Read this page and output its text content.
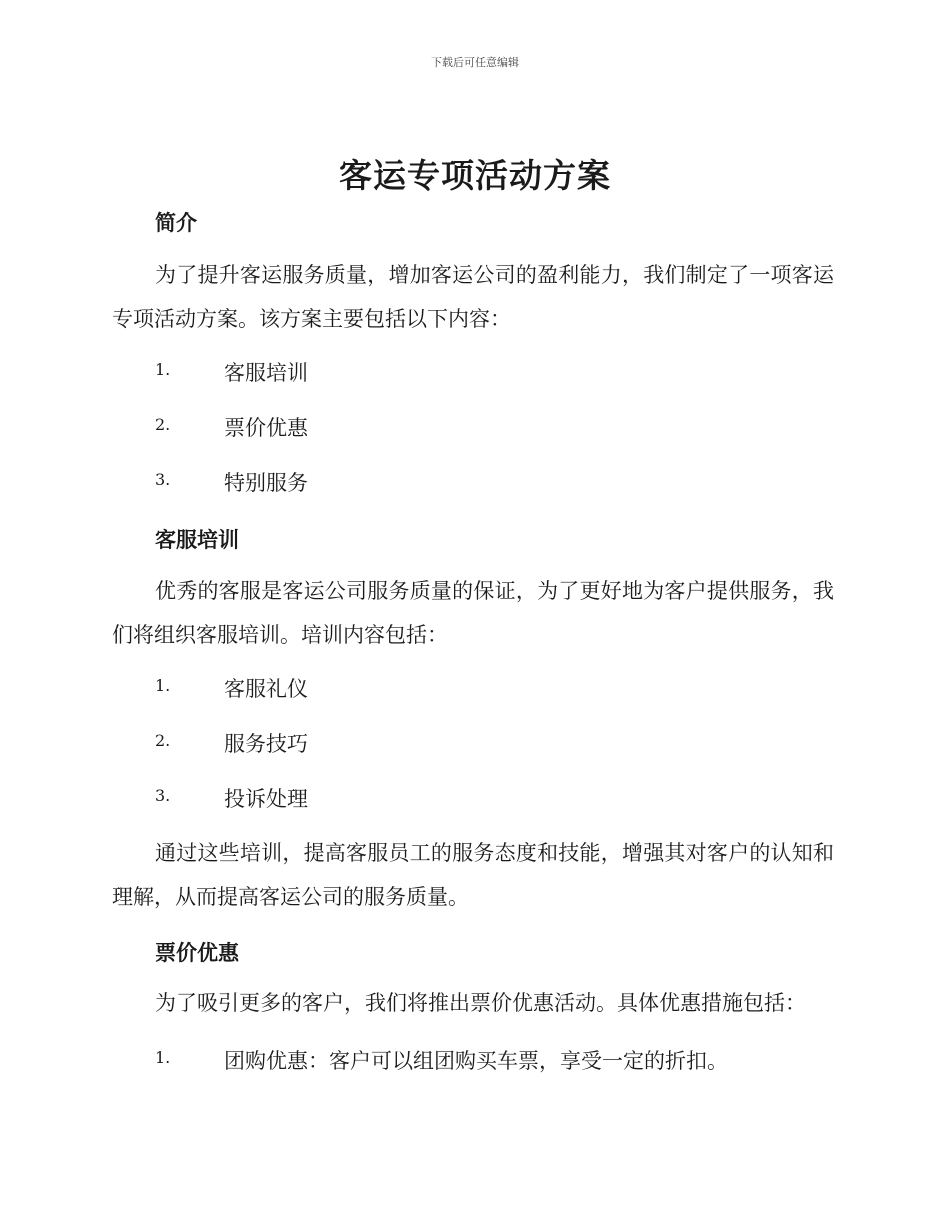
下载后可任意编辑
客运专项活动方案
简介
为了提升客运服务质量，增加客运公司的盈利能力，我们制定了一项客运专项活动方案。该方案主要包括以下内容：
1.	客服培训
2.	票价优惠
3.	特别服务
客服培训
优秀的客服是客运公司服务质量的保证，为了更好地为客户提供服务，我们将组织客服培训。培训内容包括：
1.	客服礼仪
2.	服务技巧
3.	投诉处理
通过这些培训，提高客服员工的服务态度和技能，增强其对客户的认知和理解，从而提高客运公司的服务质量。
票价优惠
为了吸引更多的客户，我们将推出票价优惠活动。具体优惠措施包括：
1.	团购优惠：客户可以组团购买车票，享受一定的折扣。
